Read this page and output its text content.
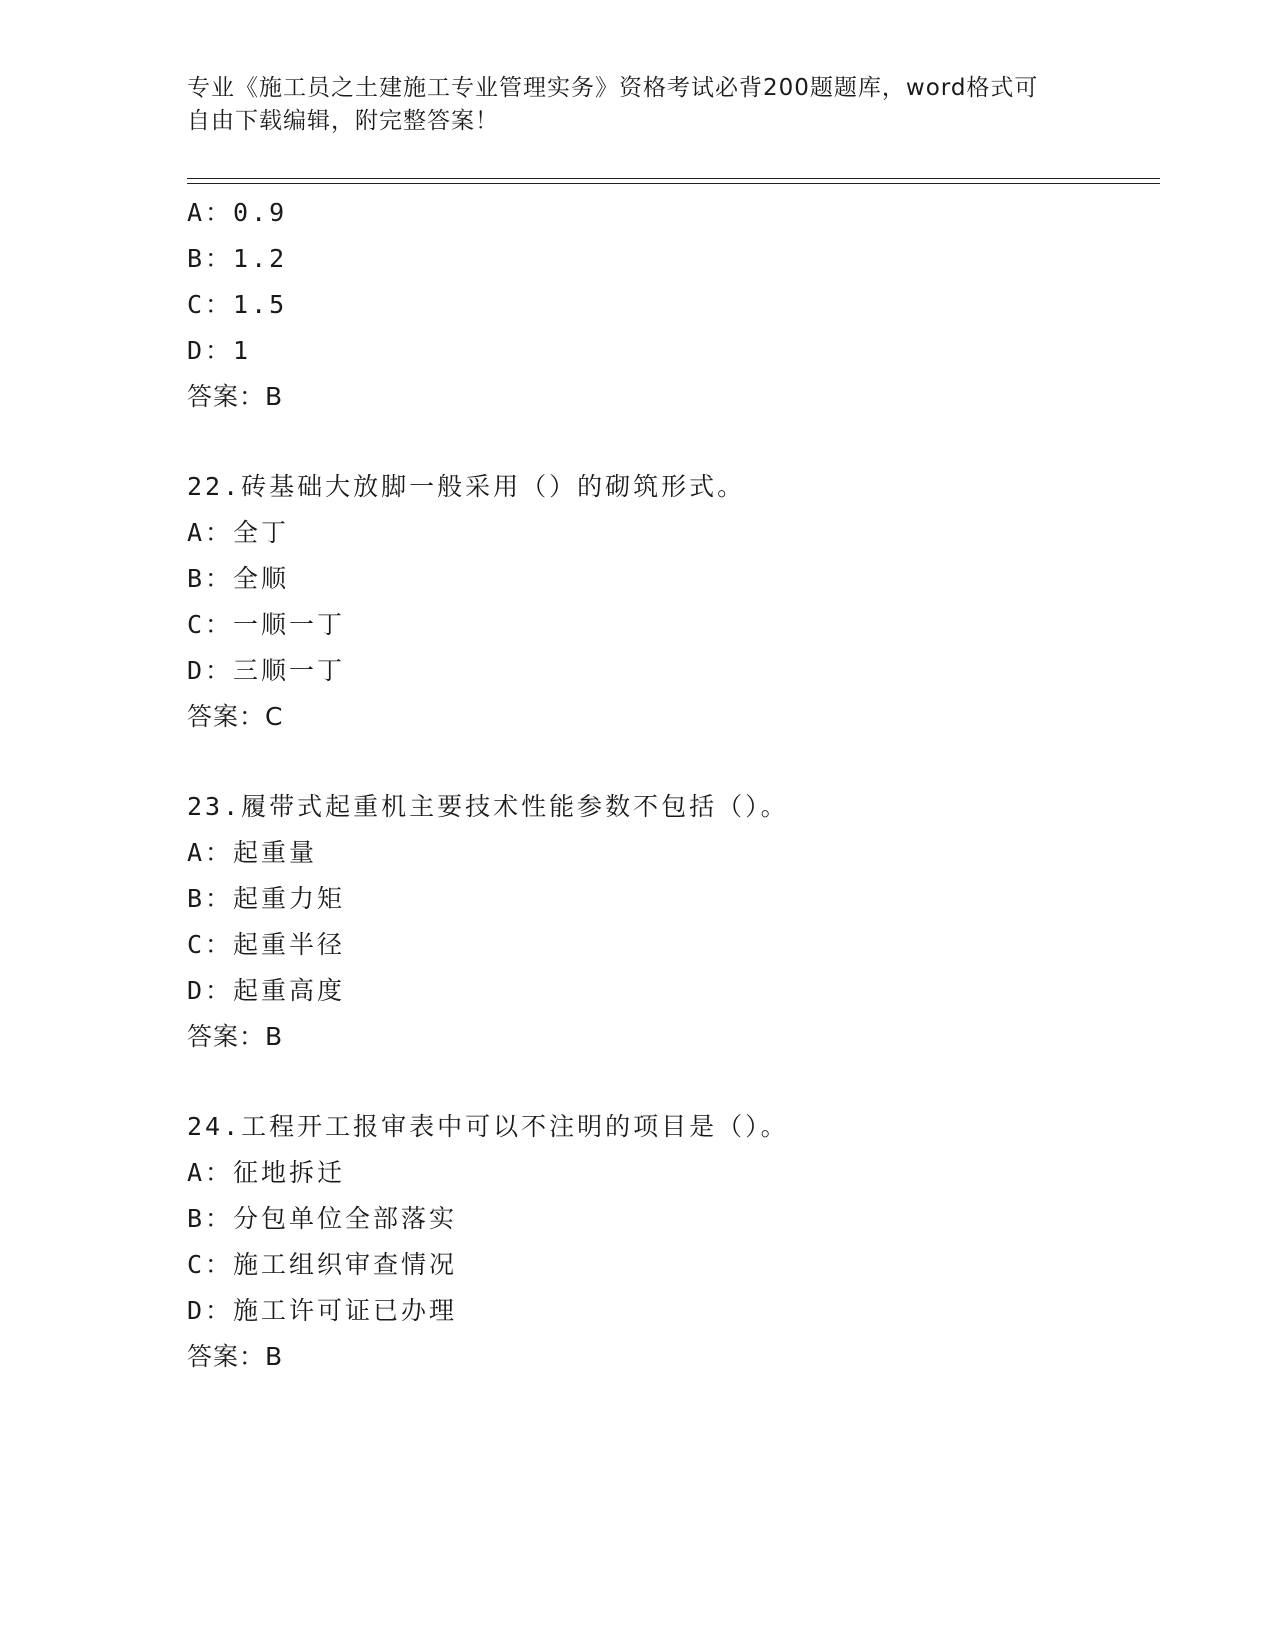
专业《施工员之土建施工专业管理实务》资格考试必背200题题库，word格式可
自由下载编辑，附完整答案！
A：0.9
B：1.2
C：1.5
D：1
答案：B
22.砖基础大放脚一般采用（）的砌筑形式。
A：全丁
B：全顺
C：一顺一丁
D：三顺一丁
答案：C
23.履带式起重机主要技术性能参数不包括（）。
A：起重量
B：起重力矩
C：起重半径
D：起重高度
答案：B
24.工程开工报审表中可以不注明的项目是（）。
A：征地拆迁
B：分包单位全部落实
C：施工组织审查情况
D：施工许可证已办理
答案：B
